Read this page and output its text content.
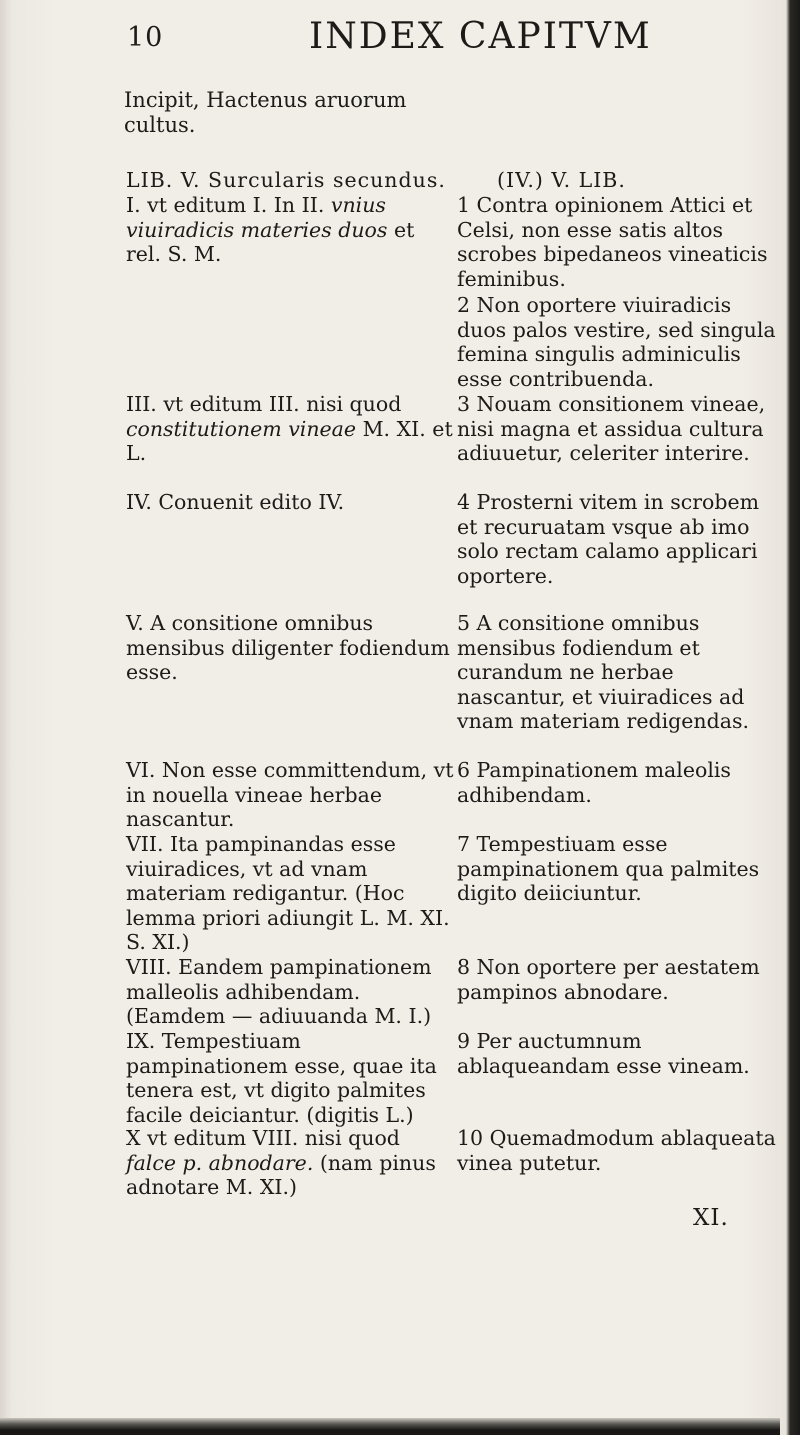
10	INDEX CAPITVM
Incipit, Hactenus aruorum
cultus.
LIB. V. Surcularis secundus.
I. vt editum I. In II. vnius viuiradicis materies duos et rel. S. M.
III. vt editum III. nisi quod constitutionem vineae M. XI. et L.
IV. Conuenit edito IV.
V. A consitione omnibus mensibus diligenter fodiendum esse.
VI. Non esse committendum, vt in nouella vineae herbae nascantur.
VII. Ita pampinandas esse viuiradices, vt ad vnam materiam redigantur. (Hoc lemma priori adiungit L. M. XI. S. XI.)
VIII. Eandem pampinationem malleolis adhibendam. (Eamdem — adiuuanda M. I.)
IX. Tempestiuam pampinationem esse, quae ita tenera est, vt digito palmites facile deiciantur. (digitis L.)
X vt editum VIII. nisi quod falce p. abnodare. (nam pinus adnotare M. XI.)
(IV.) V. LIB.
1 Contra opinionem Attici et Celsi, non esse satis altos scrobes bipedaneos vineaticis feminibus.
2 Non oportere viuiradicis duos palos vestire, sed singula femina singulis adminiculis esse contribuenda.
3 Nouam consitionem vineae, nisi magna et assidua cultura adiuuetur, celeriter interire.
4 Prosterni vitem in scrobem et recuruatam vsque ab imo solo rectam calamo applicari oportere.
5 A consitione omnibus mensibus fodiendum et curandum ne herbae nascantur, et viuiradices ad vnam materiam redigendas.
6 Pampinationem maleolis adhibendam.
7 Tempestiuam esse pampinationem qua palmites digito deiiciuntur.
8 Non oportere per aestatem pampinos abnodare.
9 Per auctumnum ablaqueandam esse vineam.
10 Quemadmodum ablaqueata vinea putetur.
XI.
